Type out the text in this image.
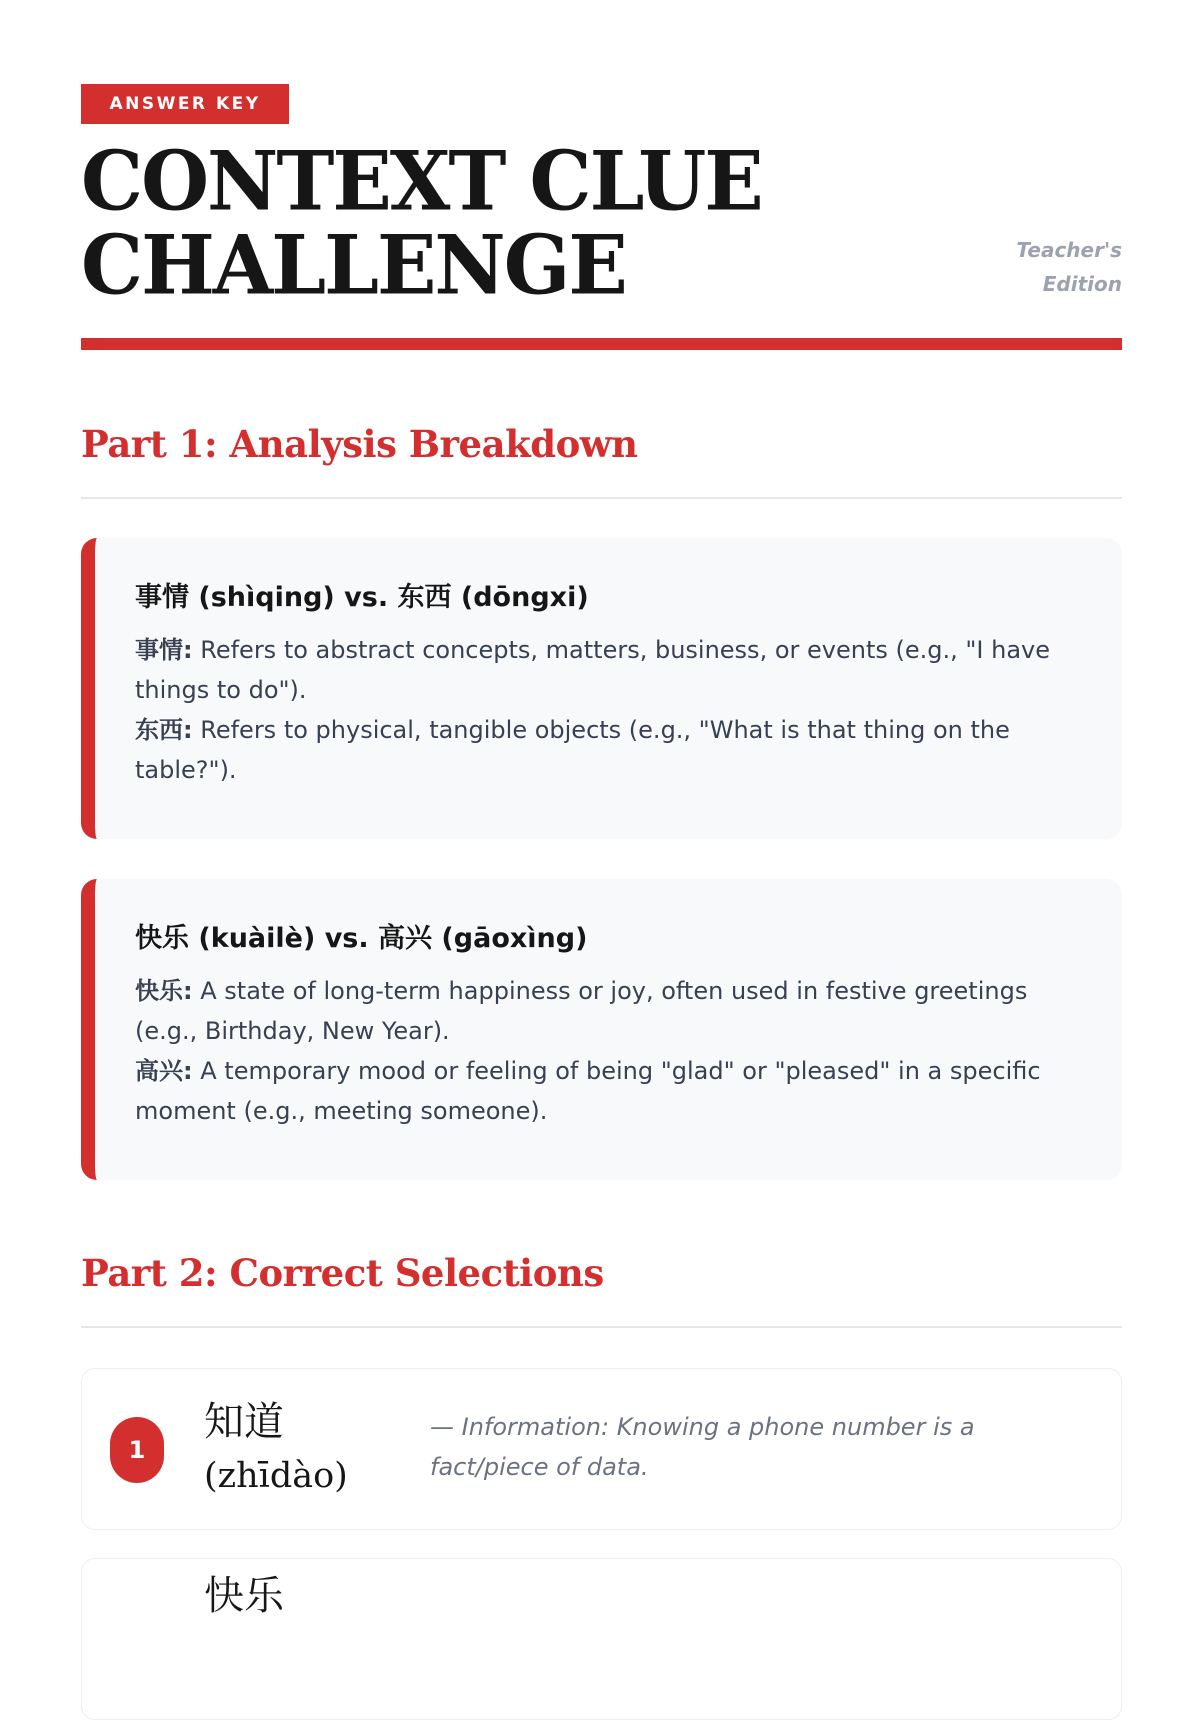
ANSWER KEY
CONTEXT CLUE
CHALLENGE	Teacher's
Edition
Part 1: Analysis Breakdown
事情 (shìqing) vs. 东西 (dōngxi)
事情: Refers to abstract concepts, matters, business, or events (e.g., "I have things to do").
东西: Refers to physical, tangible objects (e.g., "What is that thing on the table?").
快乐 (kuàilè) vs. 高兴 (gāoxìng)
快乐: A state of long-term happiness or joy, often used in festive greetings (e.g., Birthday, New Year).
高兴: A temporary mood or feeling of being "glad" or "pleased" in a specific moment (e.g., meeting someone).
Part 2: Correct Selections
1
知道
(zhīdào)
— Information: Knowing a phone number is a fact/piece of data.
快乐
